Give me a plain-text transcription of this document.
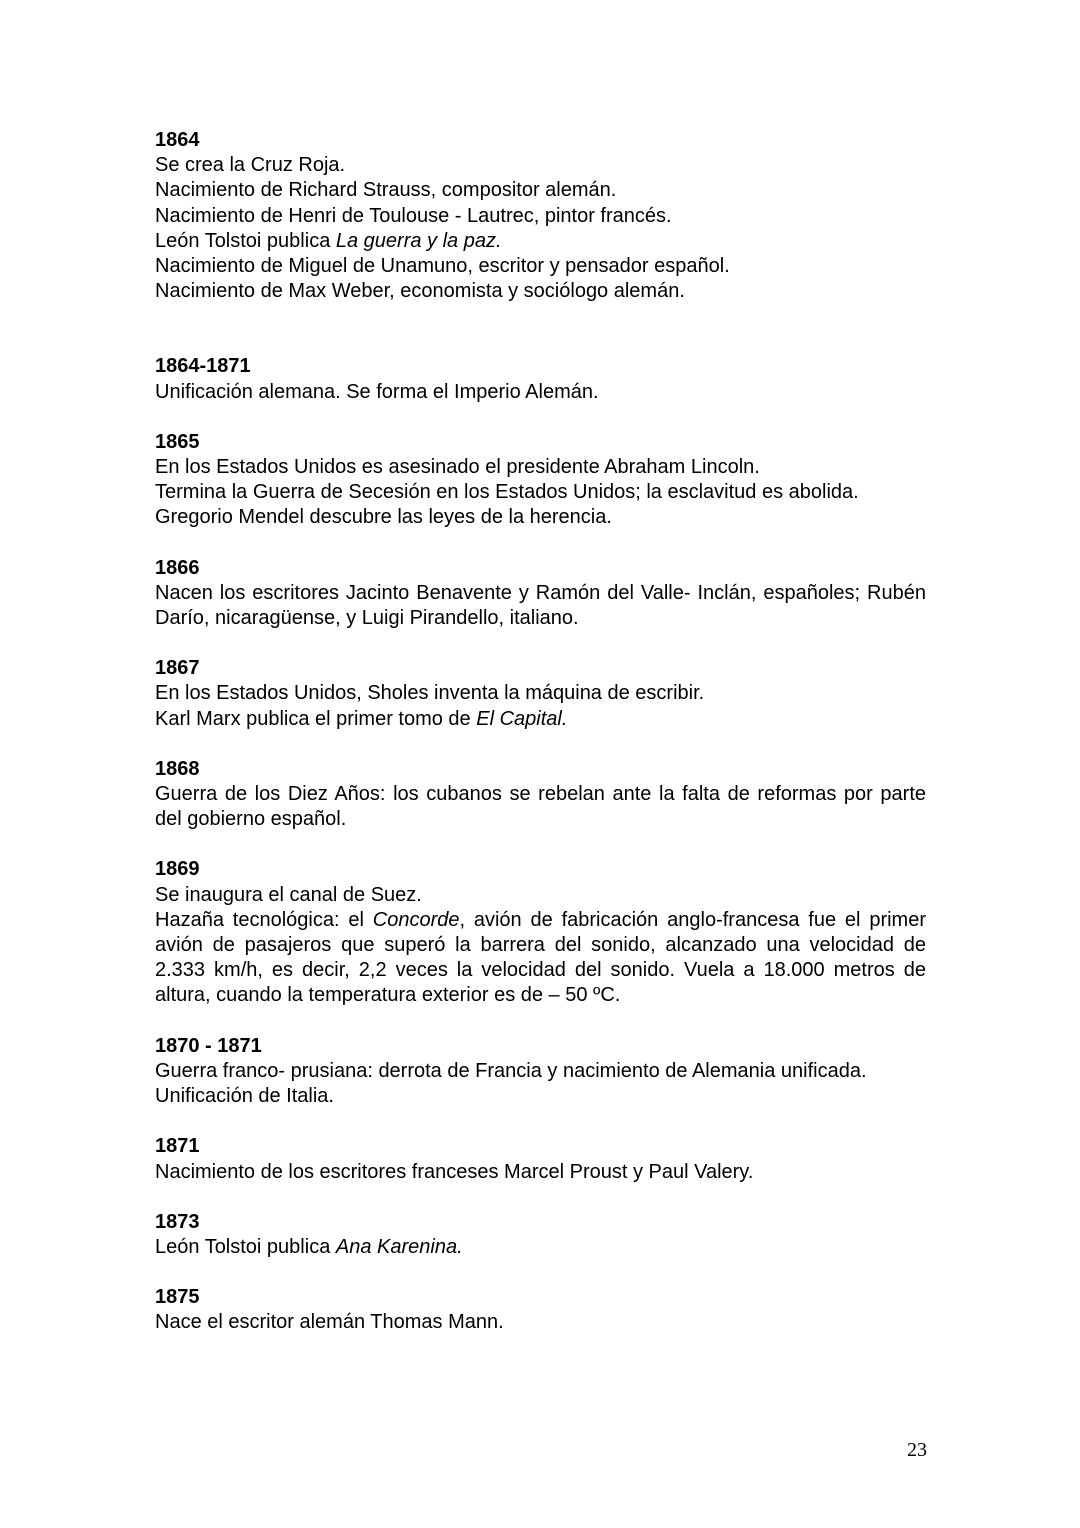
1864
Se crea la Cruz Roja.
Nacimiento de Richard Strauss, compositor alemán.
Nacimiento de Henri de Toulouse - Lautrec, pintor francés.
León Tolstoi publica La guerra y la paz.
Nacimiento de Miguel de Unamuno, escritor y pensador español.
Nacimiento de Max Weber, economista y sociólogo alemán.
1864-1871
Unificación alemana. Se forma el Imperio Alemán.
1865
En los Estados Unidos es asesinado el presidente Abraham Lincoln.
Termina la Guerra de Secesión en los Estados Unidos; la esclavitud es abolida.
Gregorio Mendel descubre las leyes de la herencia.
1866
Nacen los escritores Jacinto Benavente y Ramón del Valle- Inclán, españoles; Rubén Darío, nicaragüense, y Luigi Pirandello, italiano.
1867
En los Estados Unidos, Sholes inventa la máquina de escribir.
Karl Marx publica el primer tomo de El Capital.
1868
Guerra de los Diez Años: los cubanos se rebelan ante la falta de reformas por parte del gobierno español.
1869
Se inaugura el canal de Suez.
Hazaña tecnológica: el Concorde, avión de fabricación anglo-francesa fue el primer avión de pasajeros que superó la barrera del sonido, alcanzado una velocidad de 2.333 km/h, es decir, 2,2 veces la velocidad del sonido. Vuela a 18.000 metros de altura, cuando la temperatura exterior es de – 50 ºC.
1870 - 1871
Guerra franco- prusiana: derrota de Francia y nacimiento de Alemania unificada.
Unificación de Italia.
1871
Nacimiento de los escritores franceses Marcel Proust y Paul Valery.
1873
León Tolstoi publica Ana Karenina.
1875
Nace el escritor alemán Thomas Mann.
23
